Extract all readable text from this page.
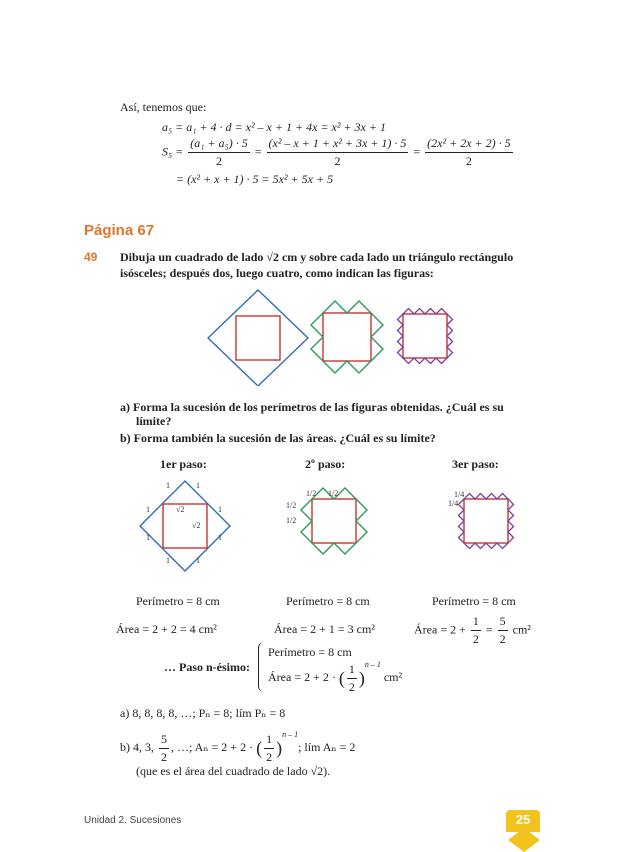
Así, tenemos que:
a₅ = a₁ + 4 · d = x² – x + 1 + 4x = x² + 3x + 1
$S_5 = \frac{\text{(a₁ + a₅) · 5}}{2} = \frac{\text{(x² – x + 1 + x² + 3x + 1) · 5}}{2} = \frac{\text{(2x² + 2x + 2) · 5}}{2}$
= (x² + x + 1) · 5 = 5x² + 5x + 5
Página 67
49 Dibuja un cuadrado de lado √2 cm y sobre cada lado un triángulo rectángulo
isósceles; después dos, luego cuatro, como indican las figuras:
a) Forma la sucesión de los perímetros de las figuras obtenidas. ¿Cuál es su
límite?
b) Forma también la sucesión de las áreas. ¿Cuál es su límite?
1er paso:	2º paso:	3er paso:
1	1
1	1
1	1
1	1
√2
√2
1/2 1/2
1/2
1/2
1/4
1/4
Perímetro = 8 cm	Perímetro = 8 cm	Perímetro = 8 cm
Área = 2 + 2 = 4 cm²	Área = 2 + 1 = 3 cm²	Área = $2 + \frac{1}{2} = \frac{5}{2} cm^2$
… Paso n-ésimo:
Perímetro = 8 cm
Área = 2 + 2 · ( $\frac{1}{2} )^{n - 1}$ cm²
a) 8, 8, 8, 8, …; Pₙ = 8; lím Pₙ = 8
b) 4, 3, $\frac{5}{2}$ , …; Aₙ = 2 + 2 · ( $\frac{1}{2} )^{n - 1}$; lím Aₙ = 2
(que es el área del cuadrado de lado √2).
Unidad 2. Sucesiones	25
